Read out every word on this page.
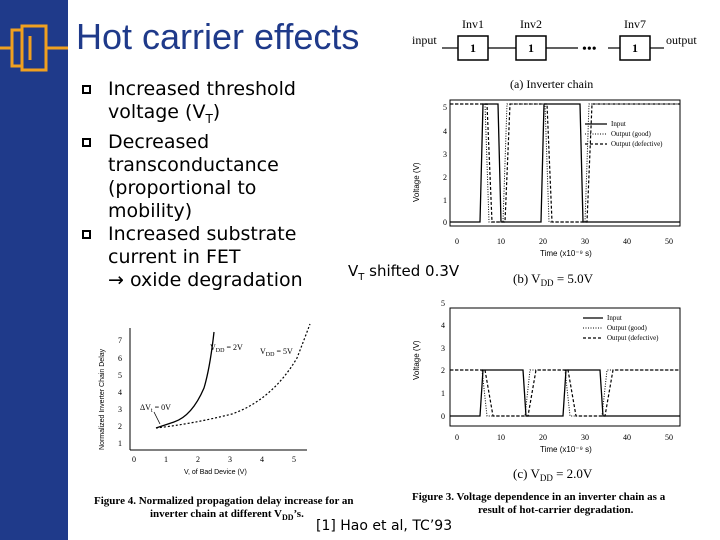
Hot carrier effects
Increased threshold
voltage $(V_T)$
Decreased
transconductance
(proportional to
mobility)
Increased substrate
current in FET
→ oxide degradation	$V_T$ shifted 0.3V
input
1
Inv1
1
Inv2
•••	1
Inv7
output
(a) Inverter chain
Voltage (V)
0
1
2
3
4
5
0	10	20	30	40	50
Time (x10⁻⁹ s)
(b) $V_{DD} = 5.0V$
Input
Output (good)
Output (defective)
Voltage (V)
0
1
2
3
4
5
0	10	20	30	40	50
Time (x10⁻⁹ s)
(c) $V_{DD} = 2.0V$
Input
Output (good)
Output (defective)
Figure 3. Voltage dependence in an inverter chain as a
result of hot-carrier degradation.
Normalized Inverter Chain Delay 1
2
3
4
5
6
7
0	1	2	3	4	5
V, of Bad Device (V)
$V_{DD} = 2V$ $V_{DD} = 5V$
$\Delta V_t = 0V$
Figure 4. Normalized propagation delay increase for an
inverter chain at different $V_{DD}’s$.
[1] Hao et al, TC’93
